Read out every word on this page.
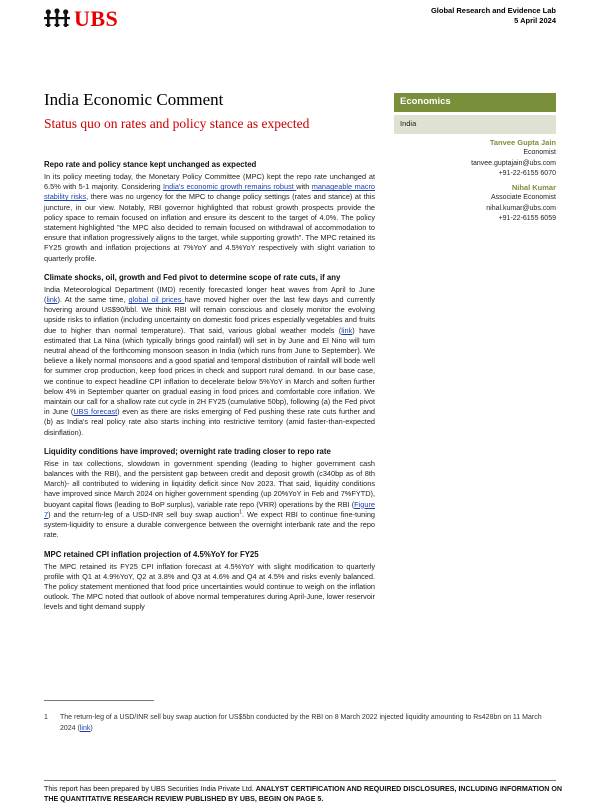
UBS	Global Research and Evidence Lab
5 April 2024
India Economic Comment
Status quo on rates and policy stance as expected
Economics
India
Tanvee Gupta Jain
Economist
tanvee.guptajain@ubs.com
+91-22-6155 6070
Nihal Kumar
Associate Economist
nihal.kumar@ubs.com
+91-22-6155 6059
Repo rate and policy stance kept unchanged as expected

In its policy meeting today, the Monetary Policy Committee (MPC) kept the repo rate unchanged at 6.5% with 5-1 majority. Considering India's economic growth remains robust with manageable macro stability risks, there was no urgency for the MPC to change policy settings (rates and stance) at this juncture, in our view. Notably, RBI governor highlighted that robust growth prospects provide the policy space to remain focused on inflation and ensure its descent to the target of 4.0%. The policy statement highlighted "the MPC also decided to remain focused on withdrawal of accommodation to ensure that inflation progressively aligns to the target, while supporting growth". The MPC retained its FY25 growth and inflation projections at 7%YoY and 4.5%YoY respectively with slight variation to quarterly profile.

Climate shocks, oil, growth and Fed pivot to determine scope of rate cuts, if any

India Meteorological Department (IMD) recently forecasted longer heat waves from April to June (link). At the same time, global oil prices have moved higher over the last few days and currently hovering around US$90/bbl. We think RBI will remain conscious and closely monitor the evolving upside risks to inflation (including uncertainty on domestic food prices especially vegetables and fruits due to higher than normal temperature). That said, various global weather models (link) have estimated that La Nina (which typically brings good rainfall) will set in by June and El Nino will turn neutral ahead of the forthcoming monsoon season in India (which runs from June to September). We believe a likely normal monsoons and a good spatial and temporal distribution of rainfall will bode well for summer crop production, keep food prices in check and support rural demand. In our base case, we continue to expect headline CPI inflation to decelerate below 5%YoY in March and soften further below 4% in September quarter on gradual easing in food prices and comfortable core inflation. We maintain our call for a shallow rate cut cycle in 2H FY25 (cumulative 50bp), following (a) the Fed pivot in June (UBS forecast) even as there are risks emerging of Fed pushing these rate cuts further and (b) as India's real policy rate also starts inching into restrictive territory (amid faster-than-expected disinflation).

Liquidity conditions have improved; overnight rate trading closer to repo rate

Rise in tax collections, slowdown in government spending (leading to higher government cash balances with the RBI), and the persistent gap between credit and deposit growth (c340bp as of 8th March)- all contributed to widening in liquidity deficit since Nov 2023. That said, liquidity conditions have improved since March 2024 on higher government spending (up 20%YoY in Feb and 7%FYTD), buoyant capital flows (leading to BoP surplus), variable rate repo (VRR) operations by the RBI (Figure 7) and the return-leg of a USD-INR sell buy swap auction$^1$. We expect RBI to continue fine-tuning system-liquidity to ensure a durable convergence between the overnight interbank rate and the repo rate.

MPC retained CPI inflation projection of 4.5%YoY for FY25

The MPC retained its FY25 CPI inflation forecast at 4.5%YoY with slight modification to quarterly profile with Q1 at 4.9%YoY, Q2 at 3.8% and Q3 at 4.6% and Q4 at 4.5% and risks evenly balanced. The policy statement mentioned that food price uncertainties would continue to weigh on the inflation outlook. The MPC noted that outlook of above normal temperatures during April-June, lower reservoir levels and tight demand supply

1 The return-leg of a USD/INR sell buy swap auction for US$5bn conducted by the RBI on 8 March 2022 injected liquidity amounting to Rs428bn on 11 March 2024 (link)
This report has been prepared by UBS Securities India Private Ltd. ANALYST CERTIFICATION AND REQUIRED DISCLOSURES, INCLUDING INFORMATION ON THE QUANTITATIVE RESEARCH REVIEW PUBLISHED BY UBS, BEGIN ON PAGE 5.
